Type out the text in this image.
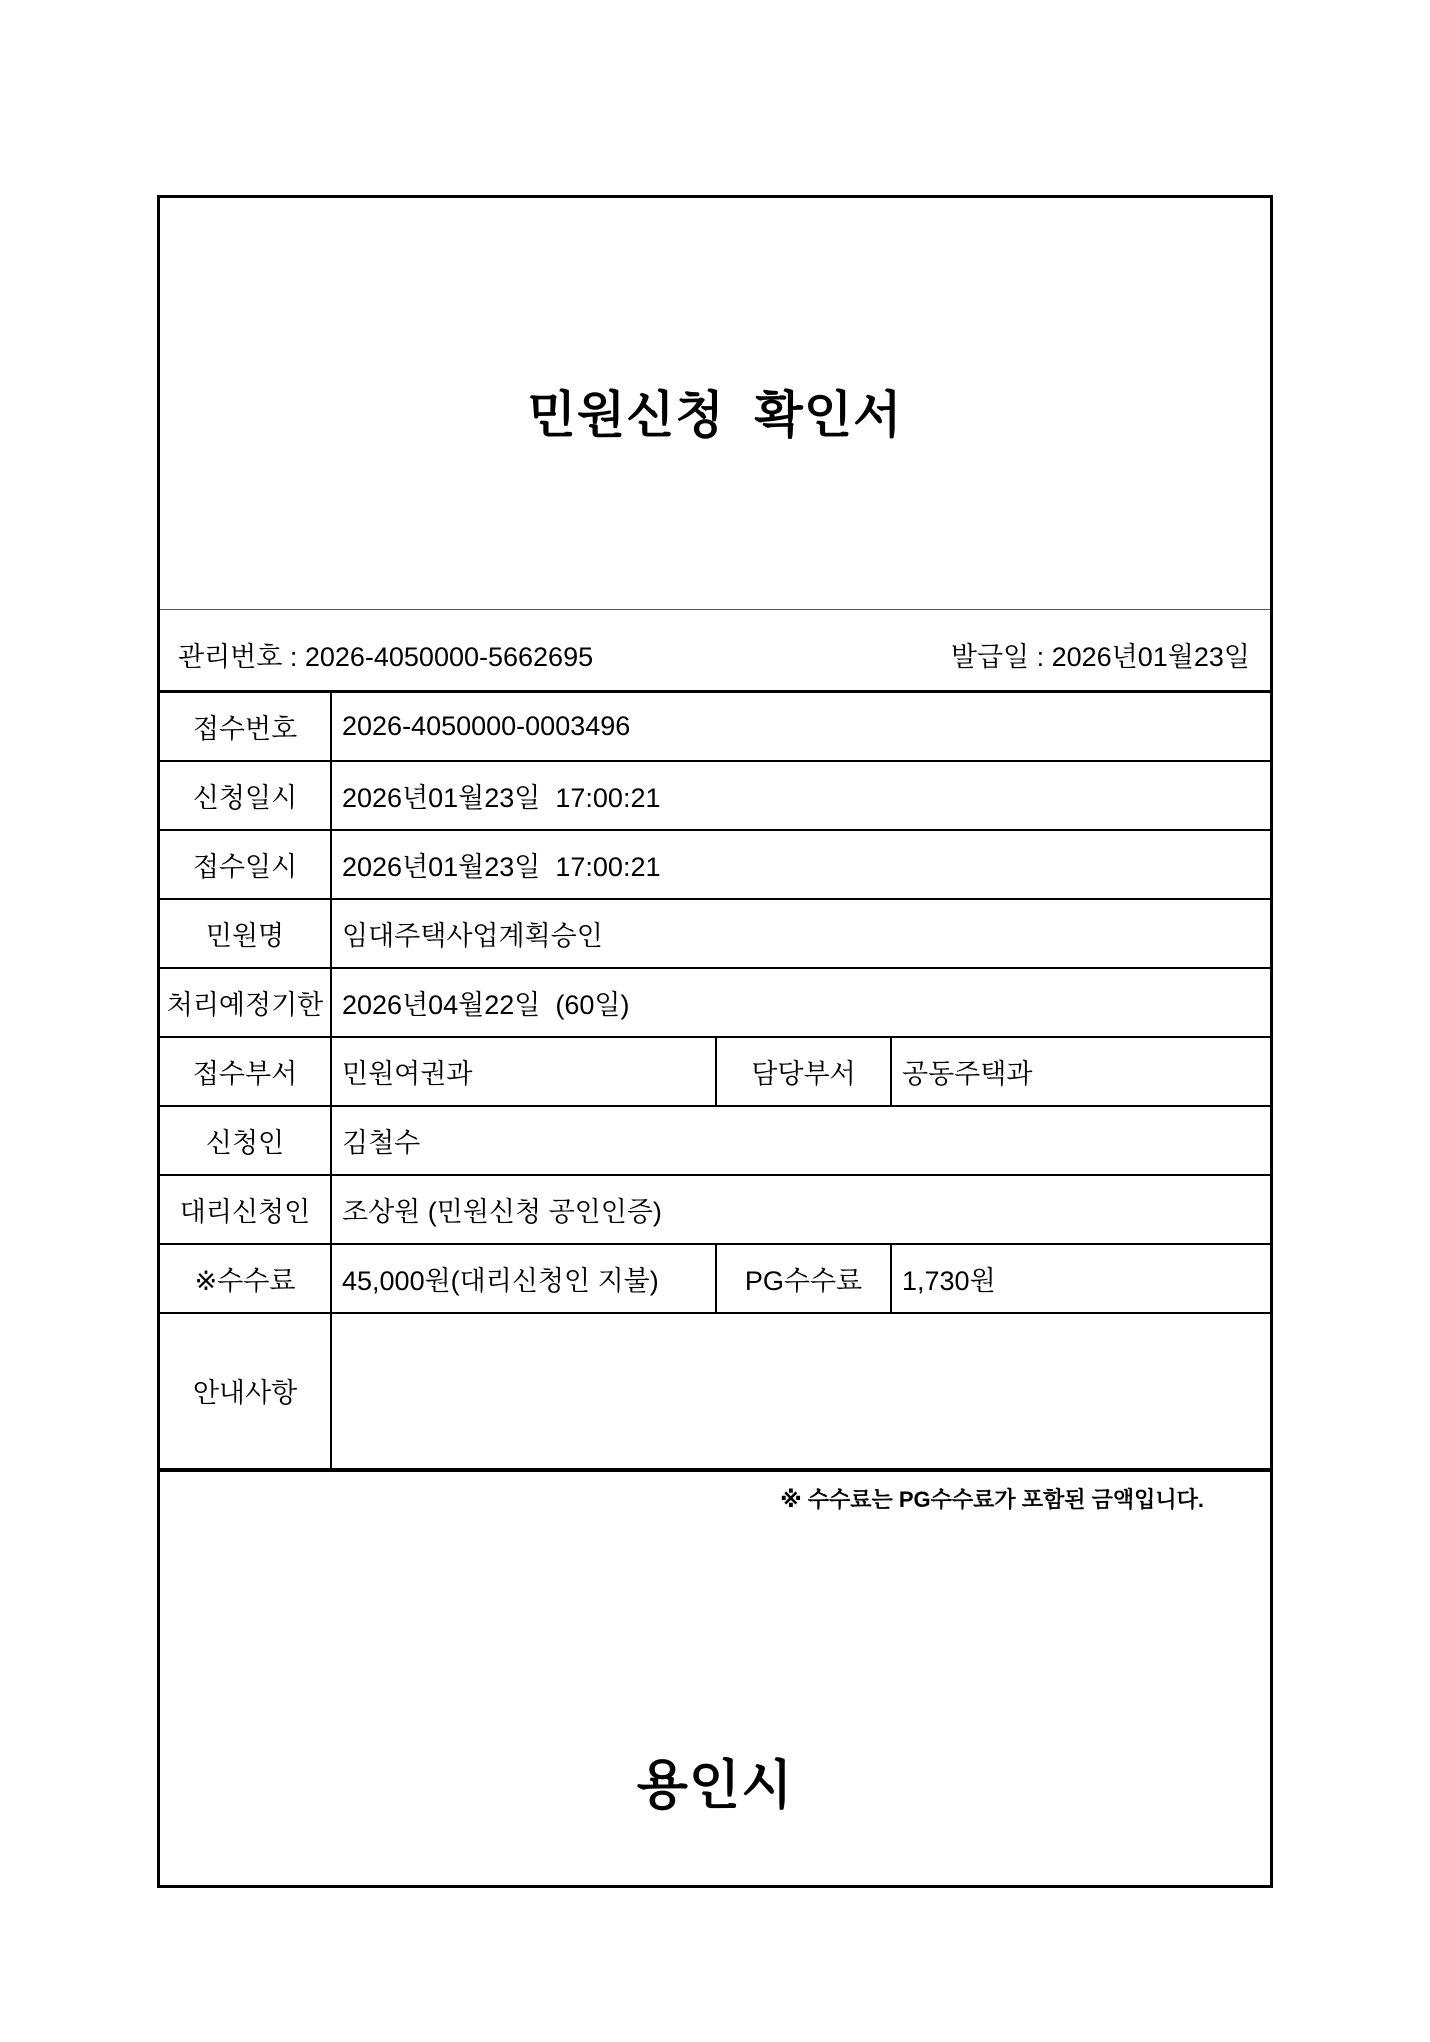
민원신청  확인서
관리번호 : 2026-4050000-5662695	발급일 : 2026년01월23일
접수번호	2026-4050000-0003496		
신청일시	2026년01월23일  17:00:21		
접수일시	2026년01월23일  17:00:21		
민원명	임대주택사업계획승인		
처리예정기한	2026년04월22일  (60일)		
접수부서	민원여권과	담당부서	공동주택과
신청인	김철수		
대리신청인	조상원 (민원신청 공인인증)		
※수수료	45,000원(대리신청인 지불)	PG수수료	1,730원
안내사항			
※ 수수료는 PG수수료가 포함된 금액입니다.
용인시
